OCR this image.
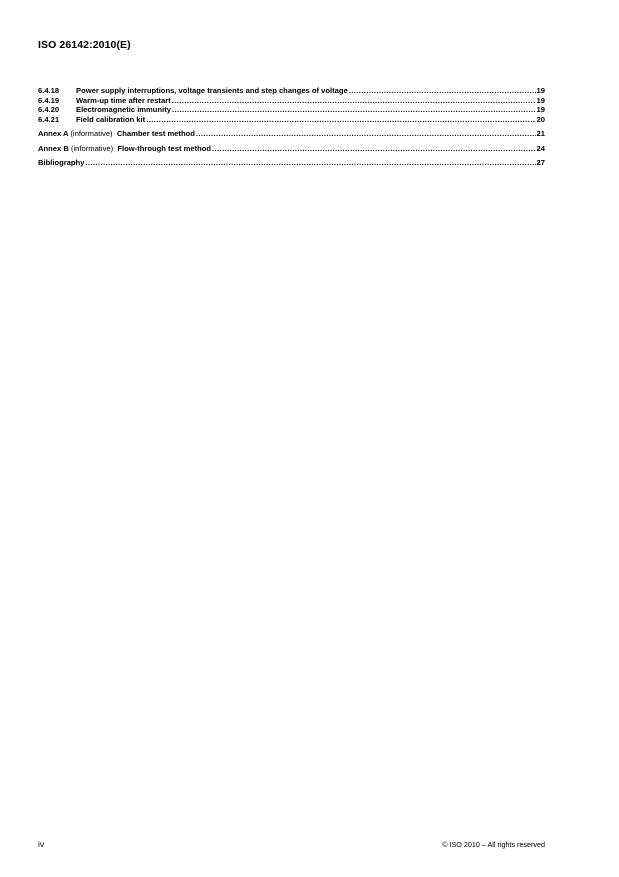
ISO 26142:2010(E)
6.4.18	Power supply interruptions, voltage transients and step changes of voltage .....	19
6.4.19	Warm-up time after restart .....	19
6.4.20	Electromagnetic immunity .....	19
6.4.21	Field calibration kit .....	20
Annex A (informative) Chamber test method .....	21
Annex B (informative) Flow-through test method .....	24
Bibliography .....	27
iv	© ISO 2010 – All rights reserved
